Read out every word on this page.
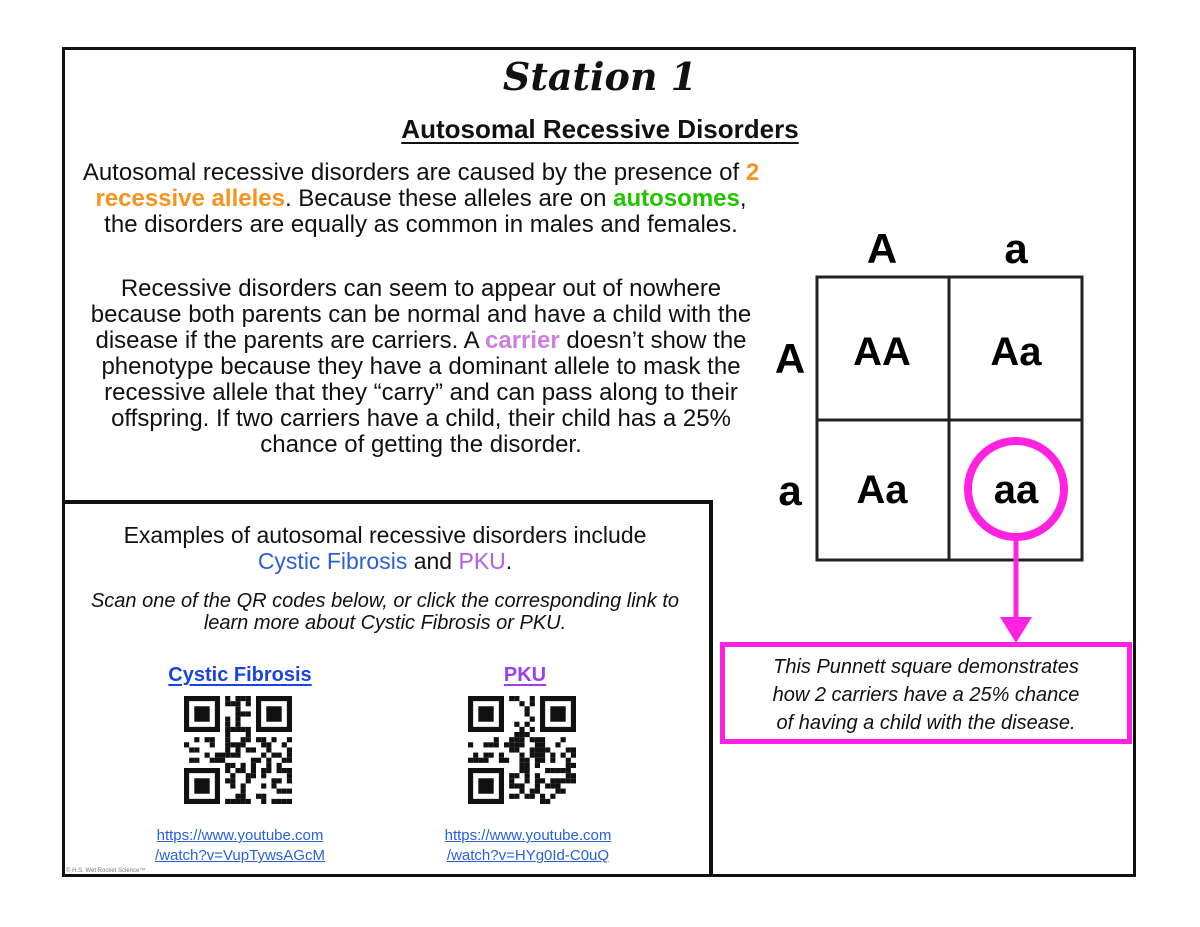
Station 1
Autosomal Recessive Disorders

Autosomal recessive disorders are caused by the presence of 2 recessive alleles. Because these alleles are on autosomes, the disorders are equally as common in males and females.

Recessive disorders can seem to appear out of nowhere because both parents can be normal and have a child with the disease if the parents are carriers. A carrier doesn’t show the phenotype because they have a dominant allele to mask the recessive allele that they “carry” and can pass along to their offspring. If two carriers have a child, their child has a 25% chance of getting the disorder.

Examples of autosomal recessive disorders include Cystic Fibrosis and PKU.

Scan one of the QR codes below, or click the corresponding link to learn more about Cystic Fibrosis or PKU.

Cystic Fibrosis	PKU
https://www.youtube.com
/watch?v=VupTywsAGcM
https://www.youtube.com
/watch?v=HYg0Id-C0uQ
© H.S. Wet Rocket Science™
A	a
A
a
AA Aa
Aa aa
This Punnett square demonstrates
how 2 carriers have a 25% chance
of having a child with the disease.
